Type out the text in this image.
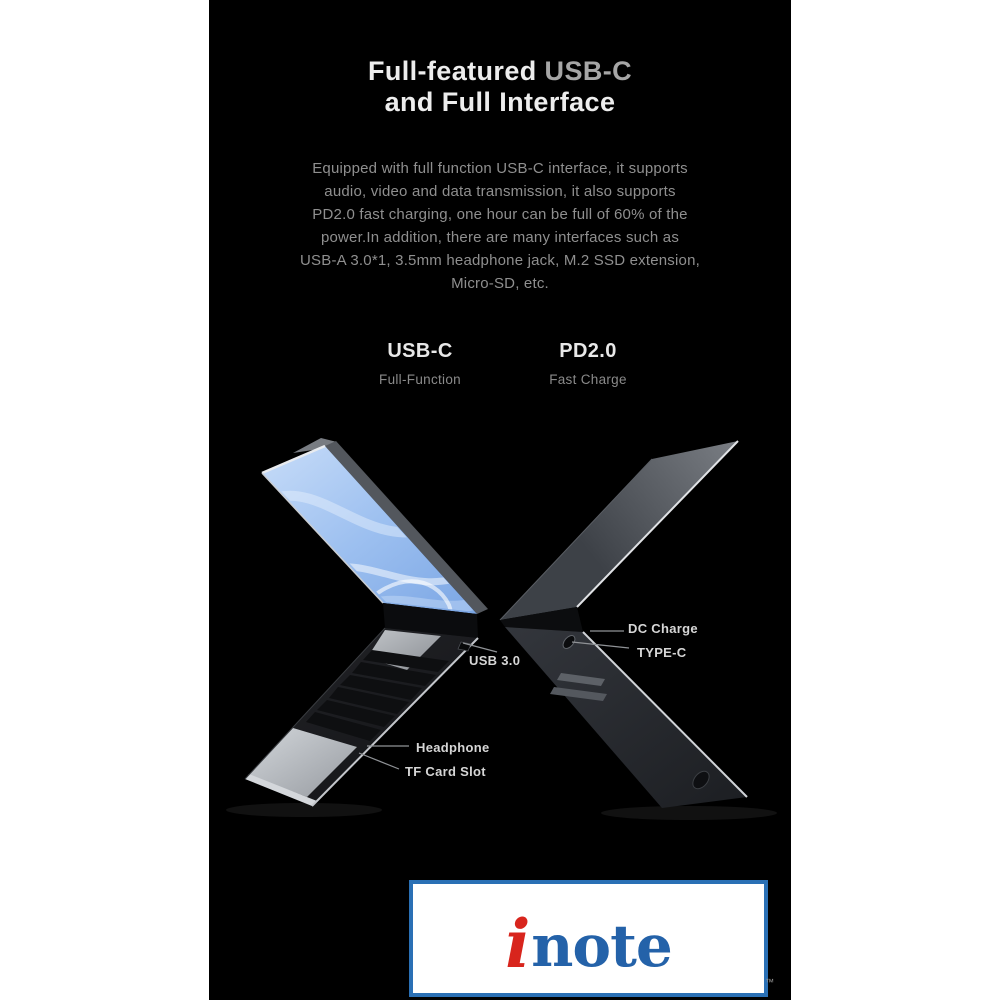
Full-featured USB-C
and Full Interface
Equipped with full function USB-C interface, it supports
audio, video and data transmission, it also supports
PD2.0 fast charging, one hour can be full of 60% of the
power.In addition, there are many interfaces such as
USB-A 3.0*1, 3.5mm headphone jack, M.2 SSD extension,
Micro-SD, etc.
USB-C
Full-Function
PD2.0
Fast Charge
DC Charge
TYPE-C
USB 3.0
Headphone
TF Card Slot
i note
™
